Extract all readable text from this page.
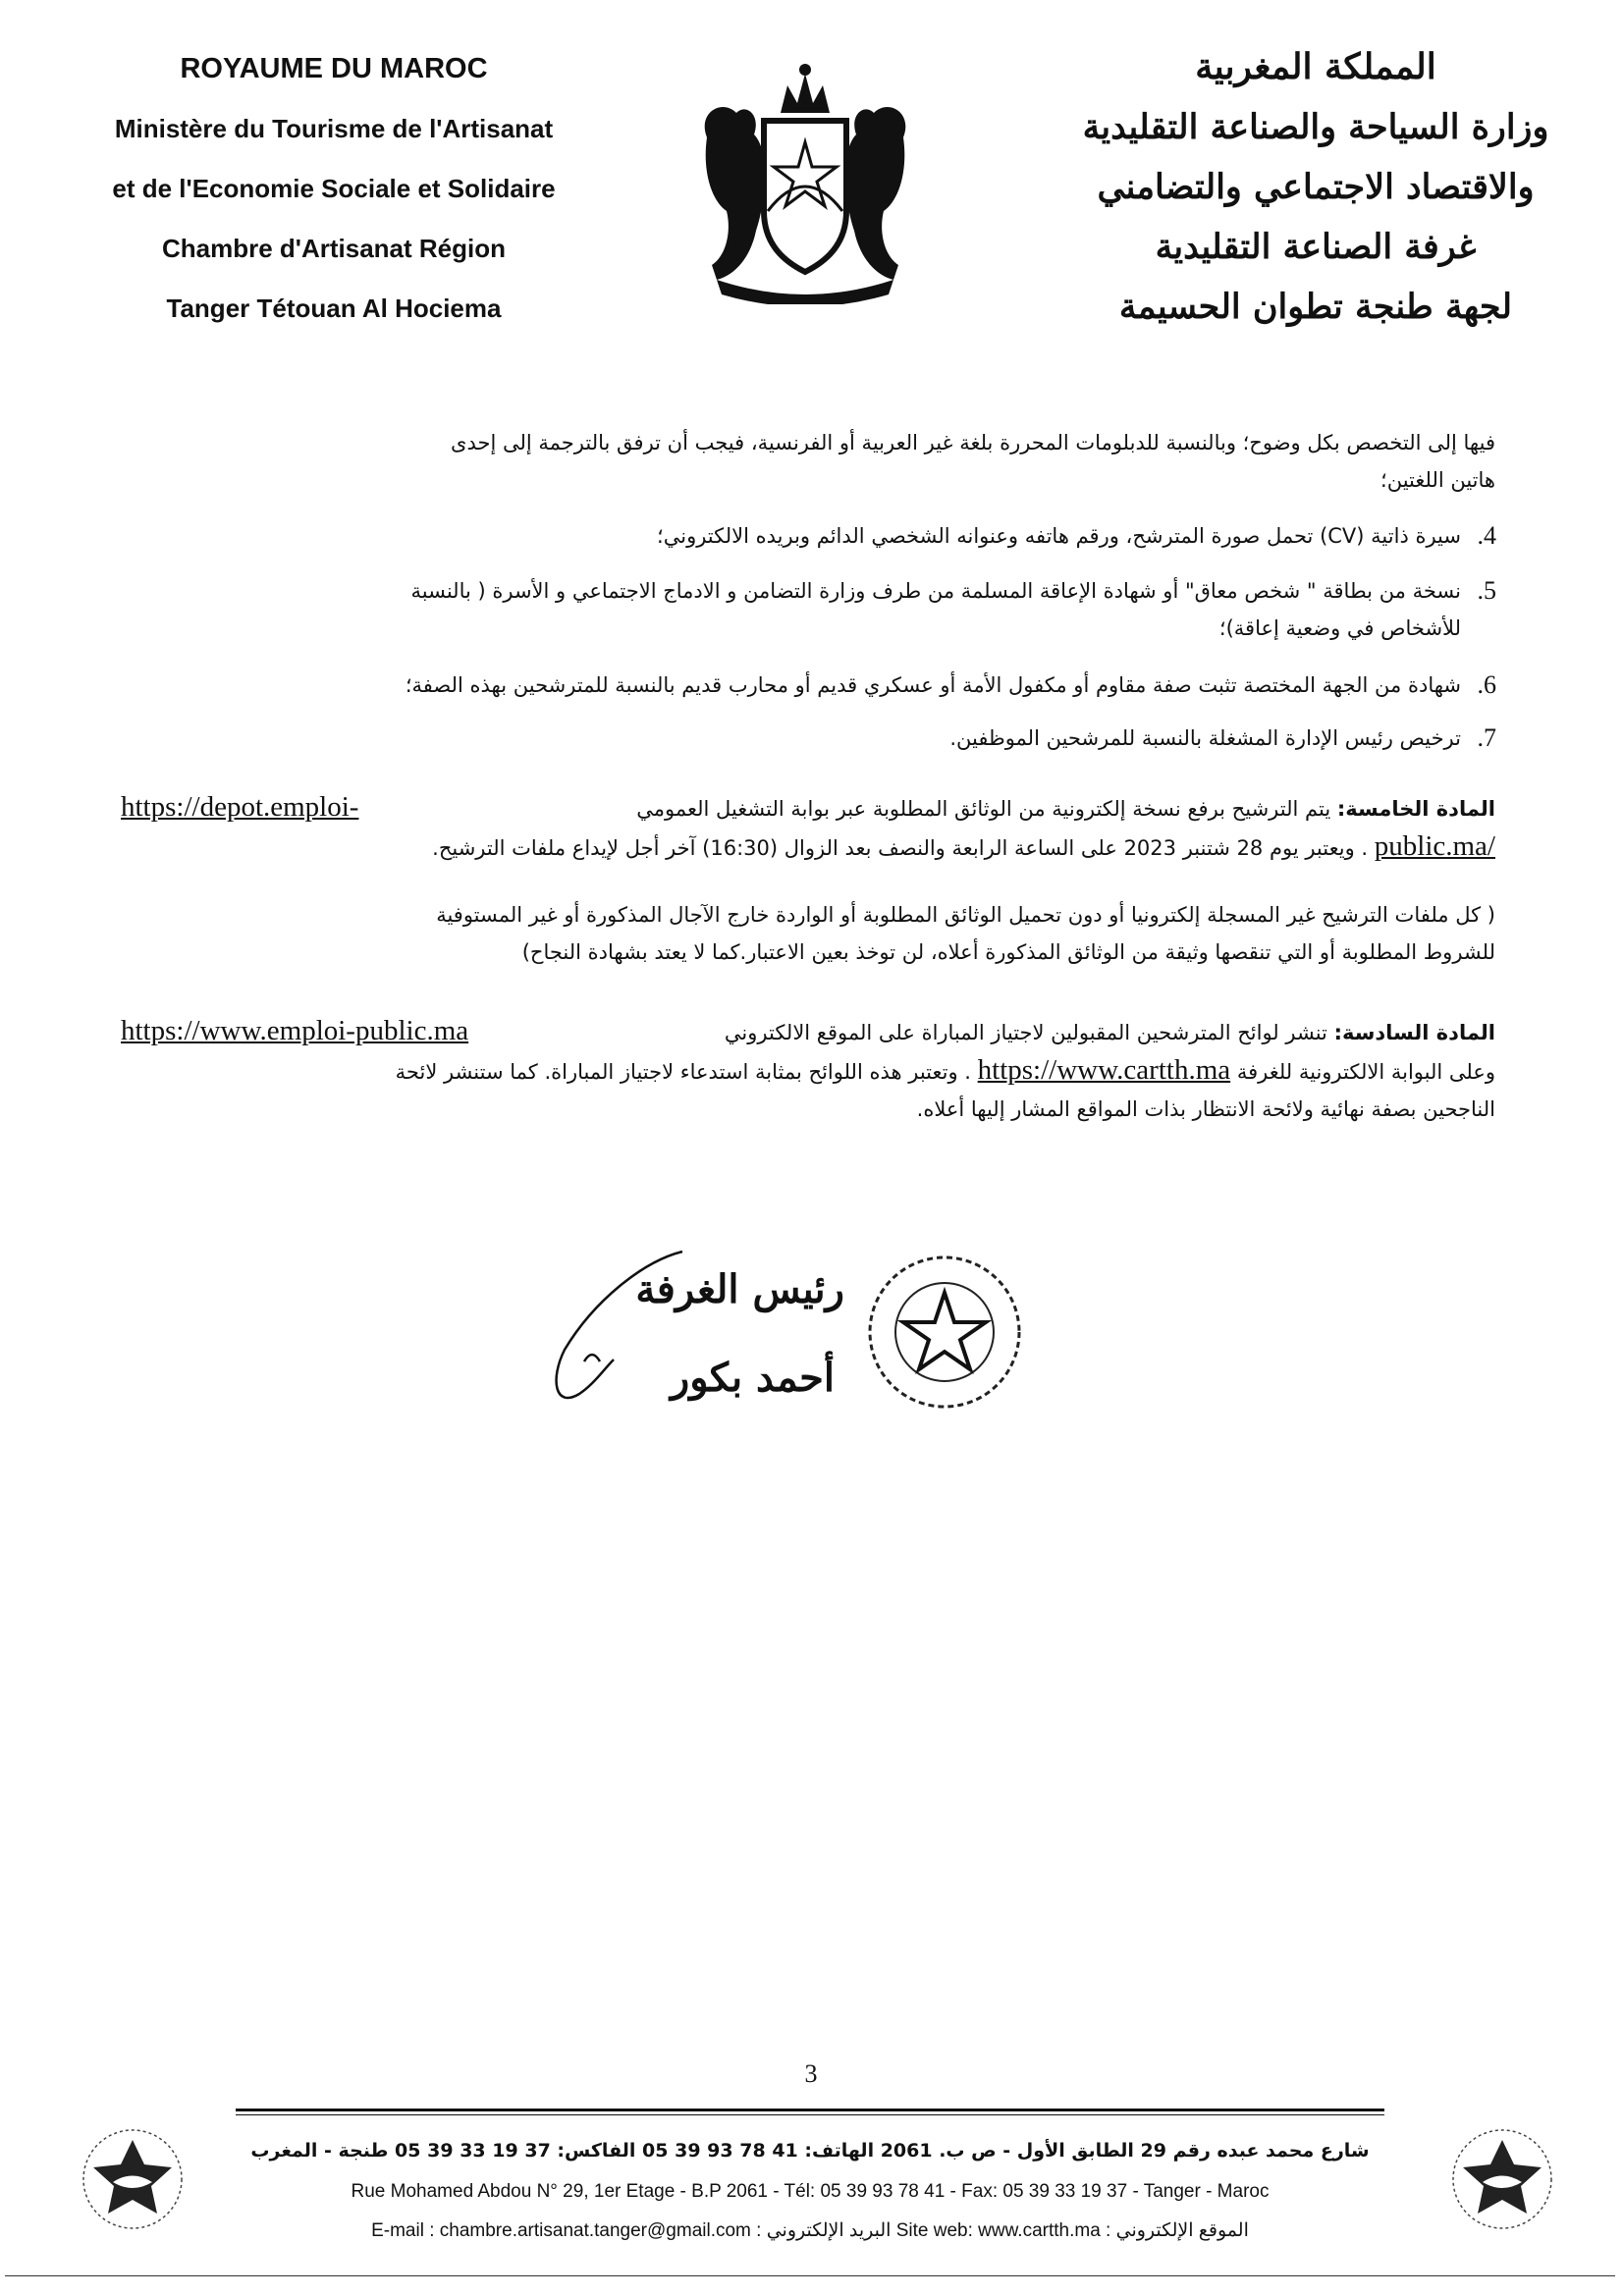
ROYAUME DU MAROC
Ministère du Tourisme de l'Artisanat
et de l'Economie Sociale et Solidaire
Chambre d'Artisanat Région
Tanger Tétouan Al Hociema
المملكة المغربية
وزارة السياحة والصناعة التقليدية
والاقتصاد الاجتماعي والتضامني
غرفة الصناعة التقليدية
لجهة طنجة تطوان الحسيمة
فيها إلى التخصص بكل وضوح؛ وبالنسبة للدبلومات المحررة بلغة غير العربية أو الفرنسية، فيجب أن ترفق بالترجمة إلى إحدى
هاتين اللغتين؛
.4
سيرة ذاتية (CV) تحمل صورة المترشح، ورقم هاتفه وعنوانه الشخصي الدائم وبريده الالكتروني؛
.5
نسخة من بطاقة " شخص معاق" أو شهادة الإعاقة المسلمة من طرف وزارة التضامن و الادماج الاجتماعي و الأسرة ( بالنسبة
للأشخاص في وضعية إعاقة)؛
.6
شهادة من الجهة المختصة تثبت صفة مقاوم أو مكفول الأمة أو عسكري قديم أو محارب قديم بالنسبة للمترشحين بهذه الصفة؛
.7
ترخيص رئيس الإدارة المشغلة بالنسبة للمرشحين الموظفين.
المادة الخامسة: يتم الترشيح برفع نسخة إلكترونية من الوثائق المطلوبة عبر بوابة التشغيل العمومي
https://depot.emploi-
public.ma/ . ويعتبر يوم 28 شتنبر 2023 على الساعة الرابعة والنصف بعد الزوال (16:30) آخر أجل لإيداع ملفات الترشيح.
( كل ملفات الترشيح غير المسجلة إلكترونيا أو دون تحميل الوثائق المطلوبة أو الواردة خارج الآجال المذكورة أو غير المستوفية
للشروط المطلوبة أو التي تنقصها وثيقة من الوثائق المذكورة أعلاه، لن توخذ بعين الاعتبار.كما لا يعتد بشهادة النجاح)
المادة السادسة: تنشر لوائح المترشحين المقبولين لاجتياز المباراة على الموقع الالكتروني
https://www.emploi-public.ma
وعلى البوابة الالكترونية للغرفة https://www.cartth.ma . وتعتبر هذه اللوائح بمثابة استدعاء لاجتياز المباراة. كما ستنشر لائحة
الناجحين بصفة نهائية ولائحة الانتظار بذات المواقع المشار إليها أعلاه.
رئيس الغرفة
أحمد بكور
3
شارع محمد عبده رقم 29 الطابق الأول - ص ب. 2061 الهاتف: 41 78 93 39 05 الفاكس: 37 19 33 39 05 طنجة - المغرب
Rue Mohamed Abdou N° 29, 1er Etage - B.P 2061 - Tél: 05 39 93 78 41 - Fax: 05 39 33 19 37 - Tanger - Maroc
E-mail : chambre.artisanat.tanger@gmail.com : البريد الإلكتروني Site web: www.cartth.ma : الموقع الإلكتروني
